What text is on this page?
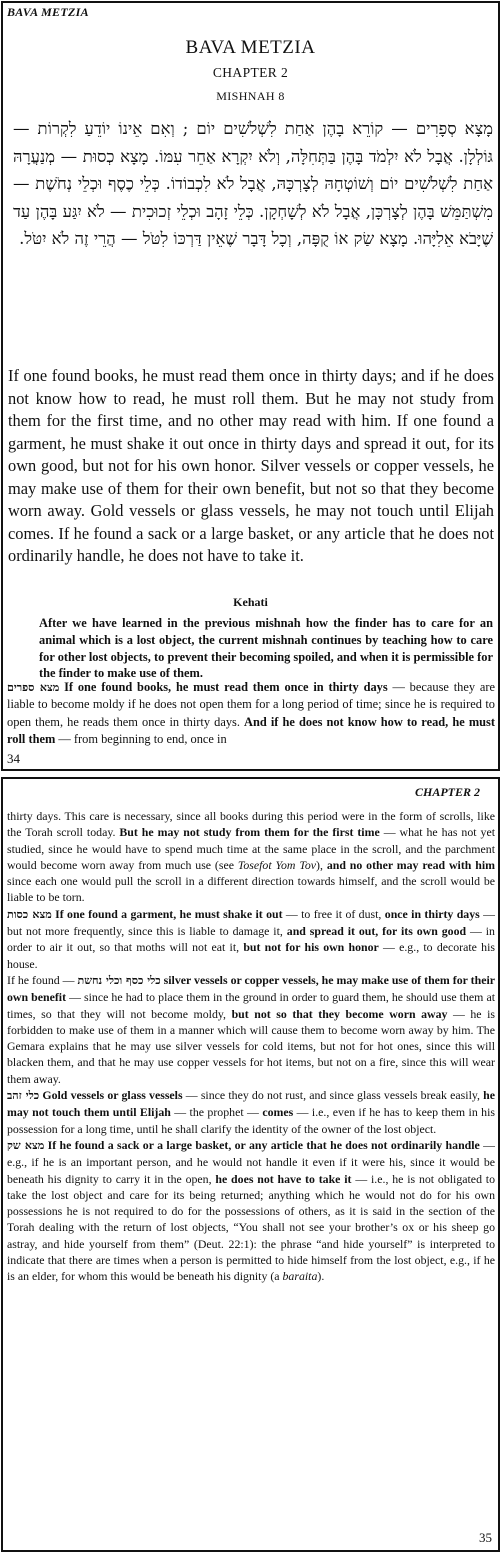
BAVA METZIA
BAVA METZIA
CHAPTER 2
MISHNAH 8
מָצָא סְפָרִים — קוֹרֵא בָהֶן אַחַת לִשְׁלֹשִׁים יוֹם ; וְאִם אֵינוֹ יוֹדֵעַ לִקְרוֹת — גּוֹלְלָן. אֲבָל לֹא יִלְמֹד בָּהֶן בַּתְּחִלָּה, וְלֹא יִקְרָא אַחֵר עִמּוֹ. מָצָא כְסוּת — מְנַעֲרָהּ אַחַת לִשְׁלֹשִׁים יוֹם וְשׁוֹטְחָהּ לְצָרְכָּהּ, אֲבָל לֹא לִכְבוֹדוֹ. כְּלֵי כֶסֶף וּכְלֵי נְחֹשֶׁת — מִשְׁתַּמֵּשׁ בָּהֶן לְצָרְכָּן, אֲבָל לֹא לְשָׁחְקָן. כְּלֵי זָהָב וּכְלֵי זְכוּכִית — לֹא יִגַּע בָּהֶן עַד שֶׁיָּבֹא אֵלִיָּהוּ. מָצָא שַׂק אוֹ קֻפָּה, וְכָל דָּבָר שֶׁאֵין דַּרְכּוֹ לִטֹּל — הֲרֵי זֶה לֹא יִטֹּל.
If one found books, he must read them once in thirty days; and if he does not know how to read, he must roll them. But he may not study from them for the first time, and no other may read with him. If one found a garment, he must shake it out once in thirty days and spread it out, for its own good, but not for his own honor. Silver vessels or copper vessels, he may make use of them for their own benefit, but not so that they become worn away. Gold vessels or glass vessels, he may not touch until Elijah comes. If he found a sack or a large basket, or any article that he does not ordinarily handle, he does not have to take it.
Kehati
After we have learned in the previous mishnah how the finder has to care for an animal which is a lost object, the current mishnah continues by teaching how to care for other lost objects, to prevent their becoming spoiled, and when it is permissible for the finder to make use of them.
מצא ספרים If one found books, he must read them once in thirty days — because they are liable to become moldy if he does not open them for a long period of time; since he is required to open them, he reads them once in thirty days. And if he does not know how to read, he must roll them — from beginning to end, once in
34
CHAPTER 2
thirty days. This care is necessary, since all books during this period were in the form of scrolls, like the Torah scroll today. But he may not study from them for the first time — what he has not yet studied, since he would have to spend much time at the same place in the scroll, and the parchment would become worn away from much use (see Tosefot Yom Tov), and no other may read with him since each one would pull the scroll in a different direction towards himself, and the scroll would be liable to be torn.
מצא כסות If one found a garment, he must shake it out — to free it of dust, once in thirty days — but not more frequently, since this is liable to damage it, and spread it out, for its own good — in order to air it out, so that moths will not eat it, but not for his own honor — e.g., to decorate his house.
If he found — כלי כסף וכלי נחשת silver vessels or copper vessels, he may make use of them for their own benefit — since he had to place them in the ground in order to guard them, he should use them at times, so that they will not become moldy, but not so that they become worn away — he is forbidden to make use of them in a manner which will cause them to become worn away by him. The Gemara explains that he may use silver vessels for cold items, but not for hot ones, since this will blacken them, and that he may use copper vessels for hot items, but not on a fire, since this will wear them away.
כלי זהב Gold vessels or glass vessels — since they do not rust, and since glass vessels break easily, he may not touch them until Elijah — the prophet — comes — i.e., even if he has to keep them in his possession for a long time, until he shall clarify the identity of the owner of the lost object.
מצא שק If he found a sack or a large basket, or any article that he does not ordinarily handle — e.g., if he is an important person, and he would not handle it even if it were his, since it would be beneath his dignity to carry it in the open, he does not have to take it — i.e., he is not obligated to take the lost object and care for its being returned; anything which he would not do for his own possessions he is not required to do for the possessions of others, as it is said in the section of the Torah dealing with the return of lost objects, “You shall not see your brother’s ox or his sheep go astray, and hide yourself from them” (Deut. 22:1): the phrase “and hide yourself” is interpreted to indicate that there are times when a person is permitted to hide himself from the lost object, e.g., if he is an elder, for whom this would be beneath his dignity (a baraita).
35
